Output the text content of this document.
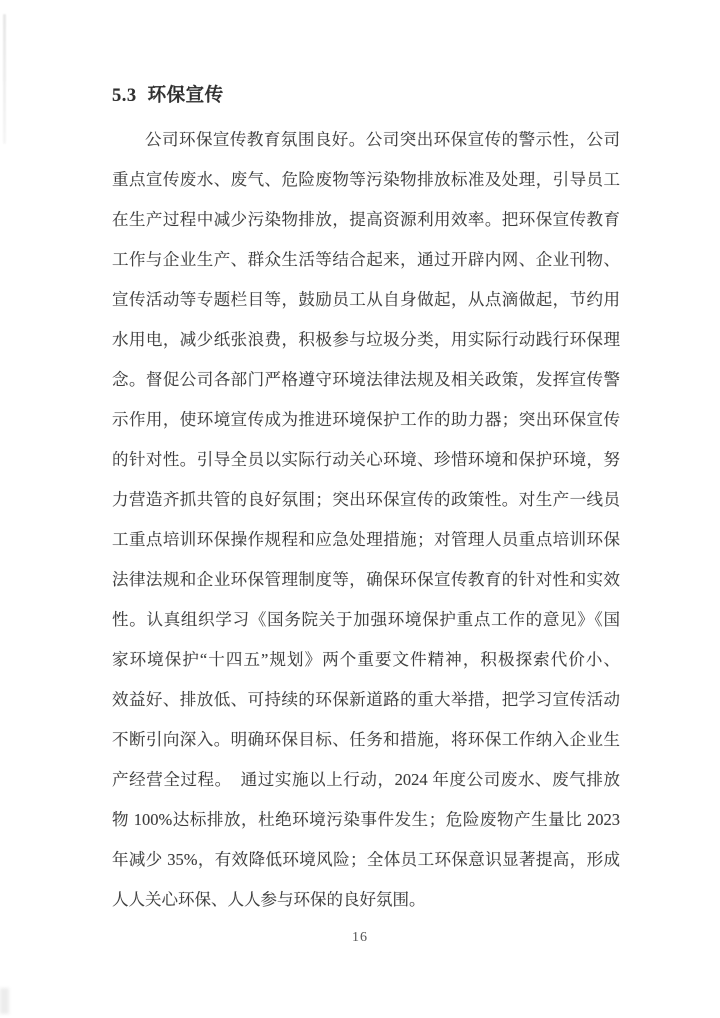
5.3 环保宣传
公司环保宣传教育氛围良好。公司突出环保宣传的警示性，公司
重点宣传废水、废气、危险废物等污染物排放标准及处理，引导员工
在生产过程中减少污染物排放，提高资源利用效率。把环保宣传教育
工作与企业生产、群众生活等结合起来，通过开辟内网、企业刊物、
宣传活动等专题栏目等，鼓励员工从自身做起，从点滴做起，节约用
水用电，减少纸张浪费，积极参与垃圾分类，用实际行动践行环保理
念。督促公司各部门严格遵守环境法律法规及相关政策，发挥宣传警
示作用，使环境宣传成为推进环境保护工作的助力器；突出环保宣传
的针对性。引导全员以实际行动关心环境、珍惜环境和保护环境，努
力营造齐抓共管的良好氛围；突出环保宣传的政策性。对生产一线员
工重点培训环保操作规程和应急处理措施；对管理人员重点培训环保
法律法规和企业环保管理制度等，确保环保宣传教育的针对性和实效
性。认真组织学习《国务院关于加强环境保护重点工作的意见》《国
家环境保护“十四五”规划》两个重要文件精神，积极探索代价小、
效益好、排放低、可持续的环保新道路的重大举措，把学习宣传活动
不断引向深入。明确环保目标、任务和措施，将环保工作纳入企业生
产经营全过程。　通过实施以上行动，2024 年度公司废水、废气排放
物 100%达标排放，杜绝环境污染事件发生；危险废物产生量比 2023
年减少 35%，有效降低环境风险；全体员工环保意识显著提高，形成
人人关心环保、人人参与环保的良好氛围。
16
